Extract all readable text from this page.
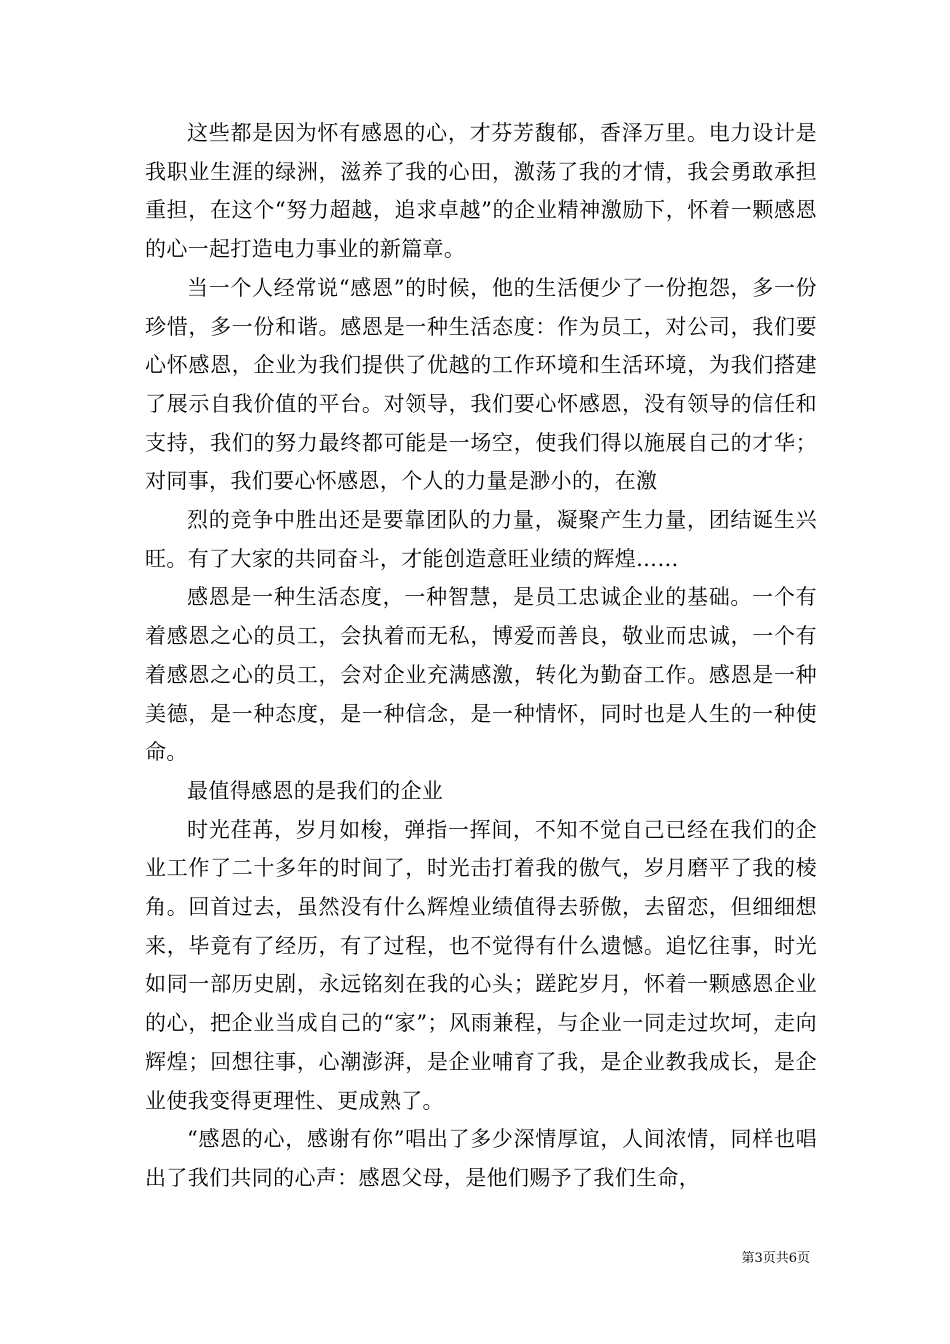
这些都是因为怀有感恩的心，才芬芳馥郁，香泽万里。电力设计是我职业生涯的绿洲，滋养了我的心田，激荡了我的才情，我会勇敢承担重担，在这个“努力超越，追求卓越”的企业精神激励下，怀着一颗感恩的心一起打造电力事业的新篇章。

当一个人经常说“感恩”的时候，他的生活便少了一份抱怨，多一份珍惜，多一份和谐。感恩是一种生活态度：作为员工，对公司，我们要心怀感恩，企业为我们提供了优越的工作环境和生活环境，为我们搭建了展示自我价值的平台。对领导，我们要心怀感恩，没有领导的信任和支持，我们的努力最终都可能是一场空，使我们得以施展自己的才华；对同事，我们要心怀感恩，个人的力量是渺小的，在激

烈的竞争中胜出还是要靠团队的力量，凝聚产生力量，团结诞生兴旺。有了大家的共同奋斗，才能创造意旺业绩的辉煌……

感恩是一种生活态度，一种智慧，是员工忠诚企业的基础。一个有着感恩之心的员工，会执着而无私，博爱而善良，敬业而忠诚，一个有着感恩之心的员工，会对企业充满感激，转化为勤奋工作。感恩是一种美德，是一种态度，是一种信念，是一种情怀，同时也是人生的一种使命。

最值得感恩的是我们的企业

时光荏苒，岁月如梭，弹指一挥间，不知不觉自己已经在我们的企业工作了二十多年的时间了，时光击打着我的傲气，岁月磨平了我的棱角。回首过去，虽然没有什么辉煌业绩值得去骄傲，去留恋，但细细想来，毕竟有了经历，有了过程，也不觉得有什么遗憾。追忆往事，时光如同一部历史剧，永远铭刻在我的心头；蹉跎岁月，怀着一颗感恩企业的心，把企业当成自己的“家”；风雨兼程，与企业一同走过坎坷，走向辉煌；回想往事，心潮澎湃，是企业哺育了我，是企业教我成长，是企业使我变得更理性、更成熟了。

“感恩的心，感谢有你”唱出了多少深情厚谊，人间浓情，同样也唱出了我们共同的心声：感恩父母，是他们赐予了我们生命，

第3页共6页
